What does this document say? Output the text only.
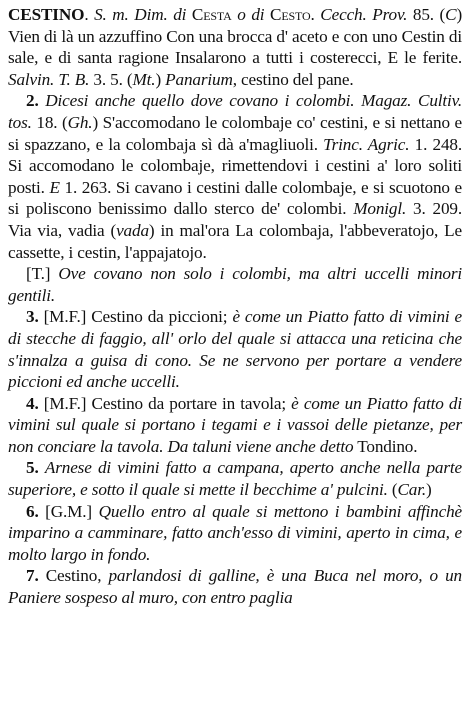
CESTINO. S. m. Dim. di Cesta o di Cesto. Cecch. Prov. 85. (C) Vien di là un azzuffino Con una brocca d' aceto e con uno Cestin di sale, e di santa ragione Insalarono a tutti i costerecci, E le ferite. Salvin. T. B. 3. 5. (Mt.) Panarium, cestino del pane.

2. Dicesi anche quello dove covano i colombi. Magaz. Cultiv. tos. 18. (Gh.) S'accomodano le colombaje co' cestini, e si nettano e si spazzano, e la colombaja sì dà a'magliuoli. Trinc. Agric. 1. 248. Si accomodano le colombaje, rimettendovi i cestini a' loro soliti posti. E 1. 263. Si cavano i cestini dalle colombaje, e si scuotono e si poliscono benissimo dallo sterco de' colombi. Monigl. 3. 209. Via via, vadia (vada) in mal'ora La colombaja, l'abbeveratojo, Le cassette, i cestin, l'appajatojo.

[T.] Ove covano non solo i colombi, ma altri uccelli minori gentili.

3. [M.F.] Cestino da piccioni; è come un Piatto fatto di vimini e di stecche di faggio, all' orlo del quale si attacca una reticina che s'innalza a guisa di cono. Se ne servono per portare a vendere piccioni ed anche uccelli.

4. [M.F.] Cestino da portare in tavola; è come un Piatto fatto di vimini sul quale si portano i tegami e i vassoi delle pietanze, per non conciare la tavola. Da taluni viene anche detto Tondino.

5. Arnese di vimini fatto a campana, aperto anche nella parte superiore, e sotto il quale si mette il becchime a' pulcini. (Car.)

6. [G.M.] Quello entro al quale si mettono i bambini affinchè imparino a camminare, fatto anch'esso di vimini, aperto in cima, e molto largo in fondo.

7. Cestino, parlandosi di galline, è una Buca nel moro, o un Paniere sospeso al muro, con entro paglia
